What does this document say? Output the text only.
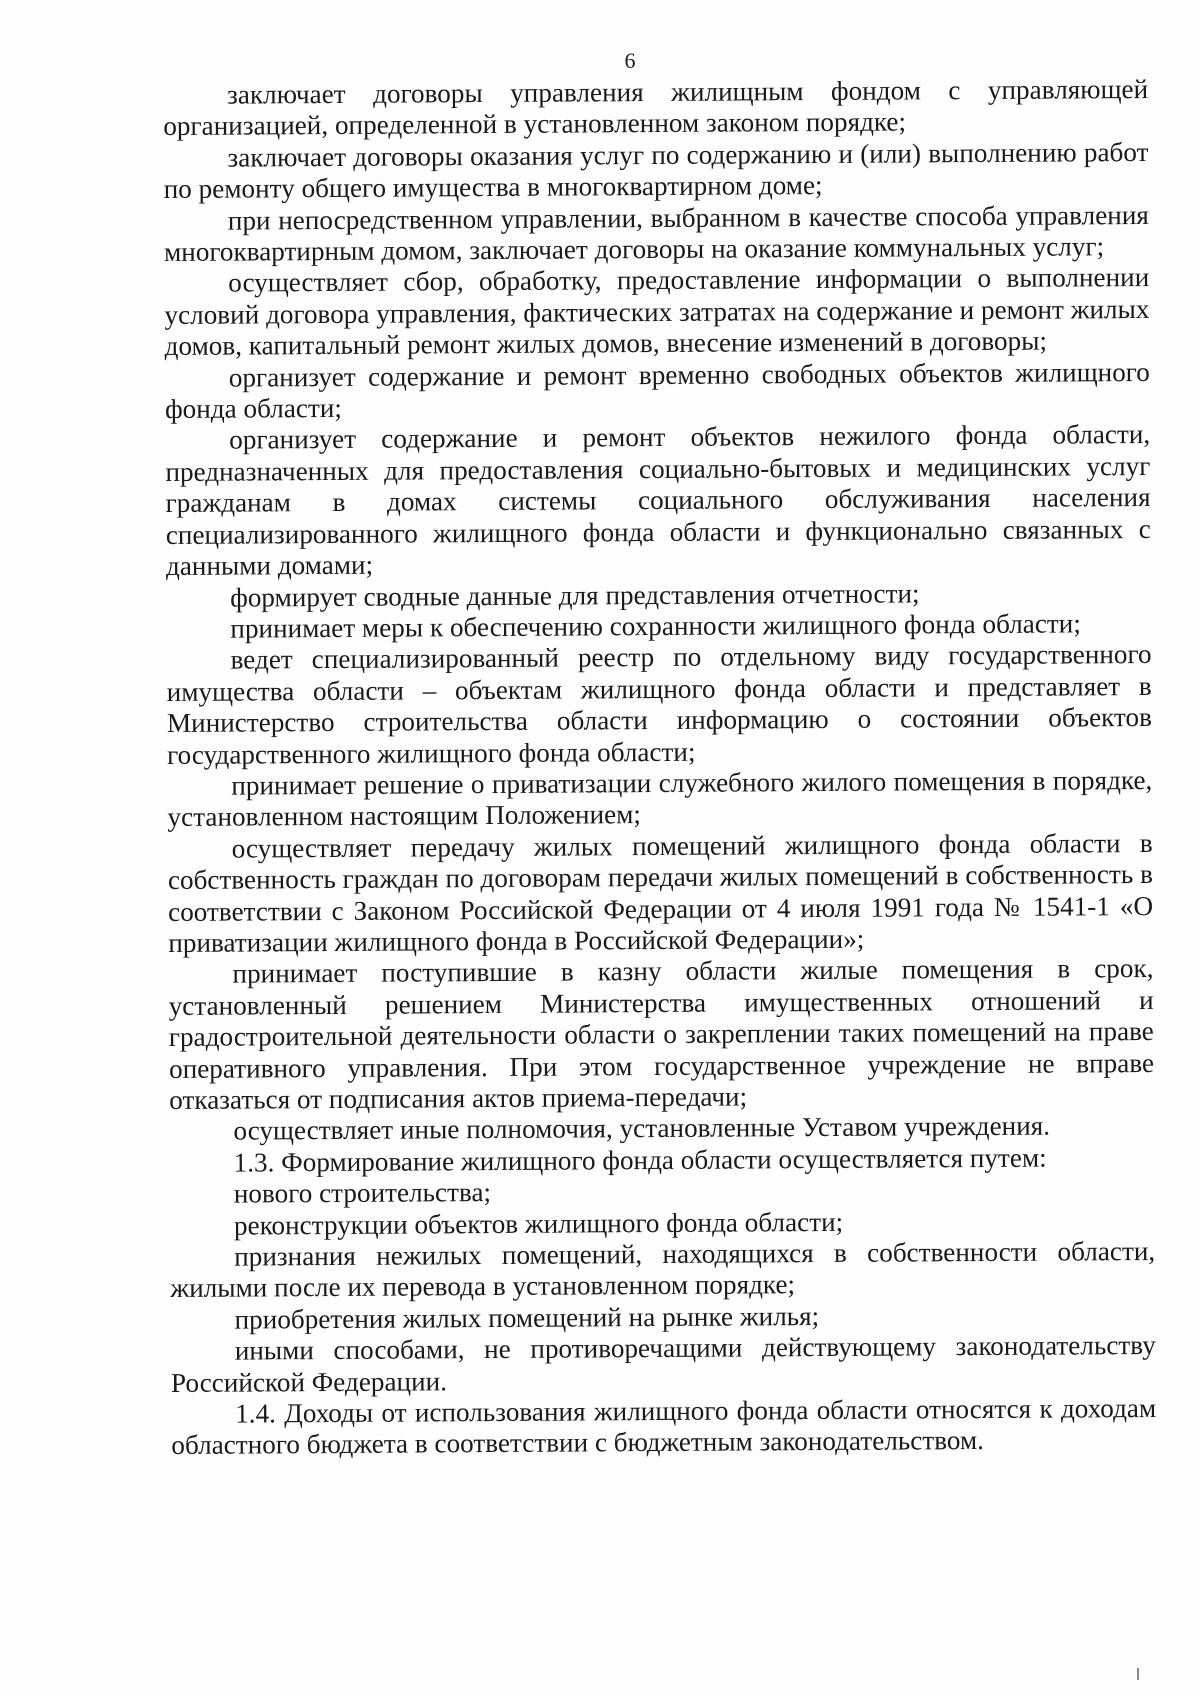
6

заключает договоры управления жилищным фондом с управляющей организацией, определенной в установленном законом порядке;

заключает договоры оказания услуг по содержанию и (или) выполнению работ по ремонту общего имущества в многоквартирном доме;

при непосредственном управлении, выбранном в качестве способа управления многоквартирным домом, заключает договоры на оказание коммунальных услуг;

осуществляет сбор, обработку, предоставление информации о выполнении условий договора управления, фактических затратах на содержание и ремонт жилых домов, капитальный ремонт жилых домов, внесение изменений в договоры;

организует содержание и ремонт временно свободных объектов жилищного фонда области;

организует содержание и ремонт объектов нежилого фонда области, предназначенных для предоставления социально-бытовых и медицинских услуг гражданам в домах системы социального обслуживания населения специализированного жилищного фонда области и функционально связанных с данными домами;

формирует сводные данные для представления отчетности;

принимает меры к обеспечению сохранности жилищного фонда области;

ведет специализированный реестр по отдельному виду государственного имущества области – объектам жилищного фонда области и представляет в Министерство строительства области информацию о состоянии объектов государственного жилищного фонда области;

принимает решение о приватизации служебного жилого помещения в порядке, установленном настоящим Положением;

осуществляет передачу жилых помещений жилищного фонда области в собственность граждан по договорам передачи жилых помещений в собственность в соответствии с Законом Российской Федерации от 4 июля 1991 года № 1541-1 «О приватизации жилищного фонда в Российской Федерации»;

принимает поступившие в казну области жилые помещения в срок, установленный решением Министерства имущественных отношений и градостроительной деятельности области о закреплении таких помещений на праве оперативного управления. При этом государственное учреждение не вправе отказаться от подписания актов приема-передачи;

осуществляет иные полномочия, установленные Уставом учреждения.

1.3. Формирование жилищного фонда области осуществляется путем:

нового строительства;

реконструкции объектов жилищного фонда области;

признания нежилых помещений, находящихся в собственности области, жилыми после их перевода в установленном порядке;

приобретения жилых помещений на рынке жилья;

иными способами, не противоречащими действующему законодательству Российской Федерации.

1.4. Доходы от использования жилищного фонда области относятся к доходам областного бюджета в соответствии с бюджетным законодательством.
